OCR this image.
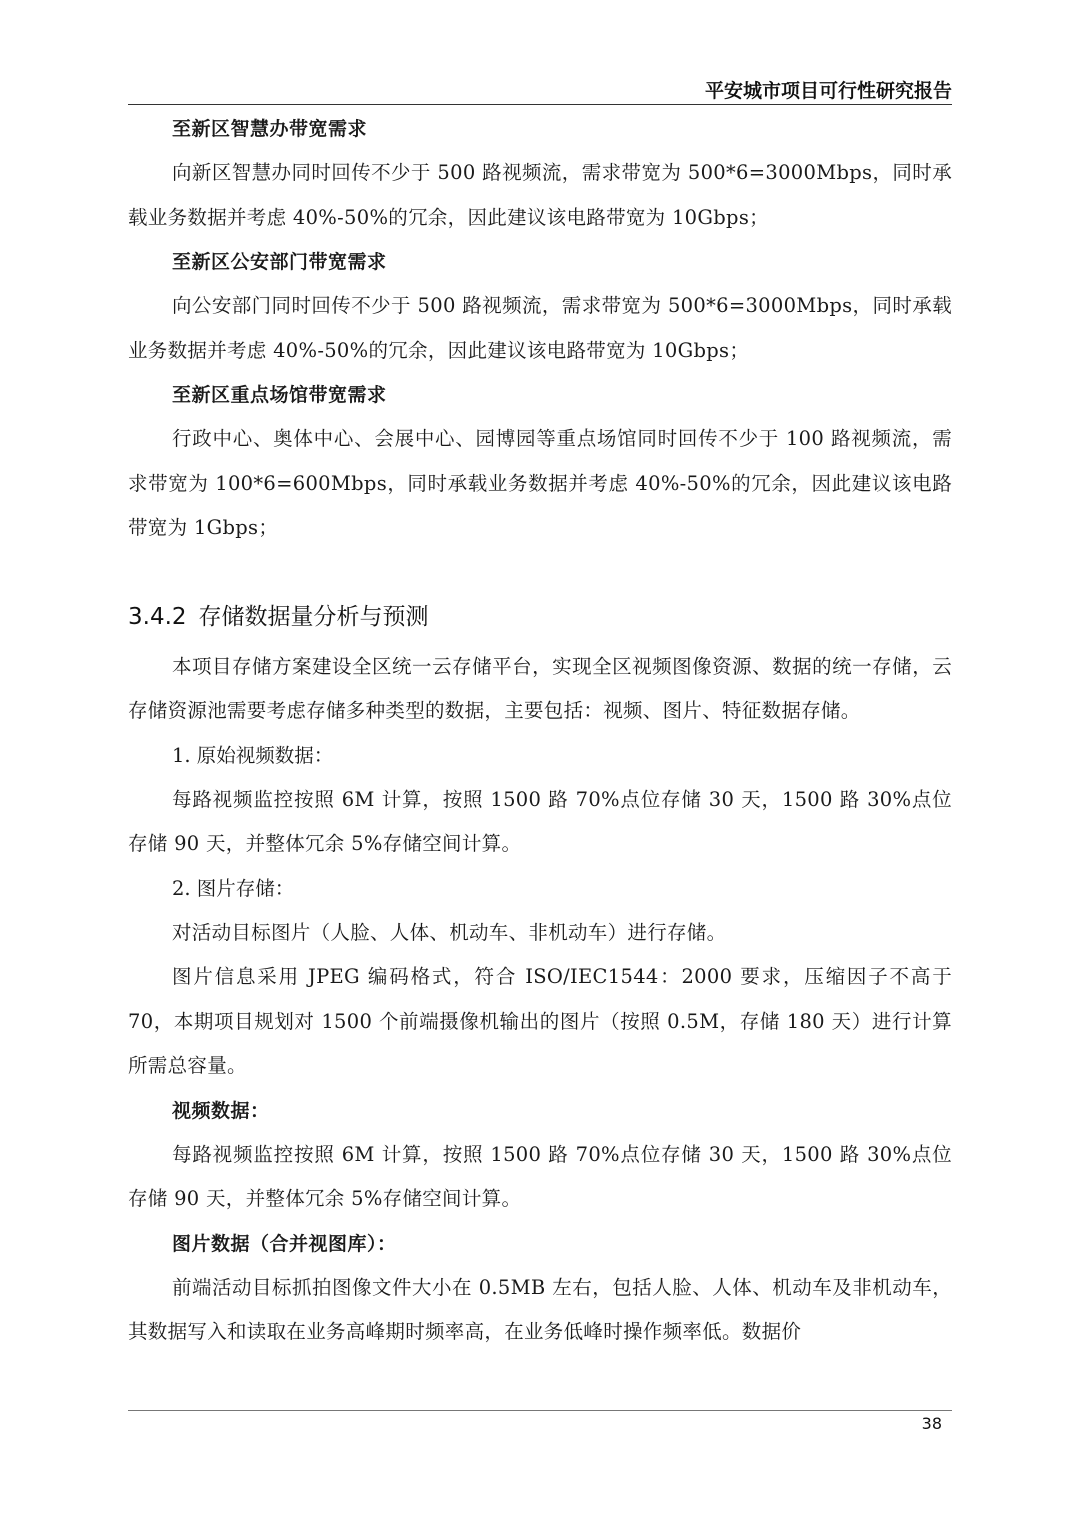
平安城市项目可行性研究报告
至新区智慧办带宽需求

向新区智慧办同时回传不少于 500 路视频流，需求带宽为 500*6=3000Mbps，同时承载业务数据并考虑 40%-50%的冗余，因此建议该电路带宽为 10Gbps；

至新区公安部门带宽需求

向公安部门同时回传不少于 500 路视频流，需求带宽为 500*6=3000Mbps，同时承载业务数据并考虑 40%-50%的冗余，因此建议该电路带宽为 10Gbps；

至新区重点场馆带宽需求

行政中心、奥体中心、会展中心、园博园等重点场馆同时回传不少于 100 路视频流，需求带宽为 100*6=600Mbps，同时承载业务数据并考虑 40%-50%的冗余，因此建议该电路带宽为 1Gbps；

3.4.2 存储数据量分析与预测

本项目存储方案建设全区统一云存储平台，实现全区视频图像资源、数据的统一存储，云存储资源池需要考虑存储多种类型的数据，主要包括：视频、图片、特征数据存储。

1. 原始视频数据：

每路视频监控按照 6M 计算，按照 1500 路 70%点位存储 30 天，1500 路 30%点位存储 90 天，并整体冗余 5%存储空间计算。

2. 图片存储：

对活动目标图片（人脸、人体、机动车、非机动车）进行存储。

图片信息采用 JPEG 编码格式，符合 ISO/IEC1544：2000 要求，压缩因子不高于 70，本期项目规划对 1500 个前端摄像机输出的图片（按照 0.5M，存储 180 天）进行计算所需总容量。

视频数据：

每路视频监控按照 6M 计算，按照 1500 路 70%点位存储 30 天，1500 路 30%点位存储 90 天，并整体冗余 5%存储空间计算。

图片数据（合并视图库）：

前端活动目标抓拍图像文件大小在 0.5MB 左右，包括人脸、人体、机动车及非机动车，其数据写入和读取在业务高峰期时频率高，在业务低峰时操作频率低。数据价

38
